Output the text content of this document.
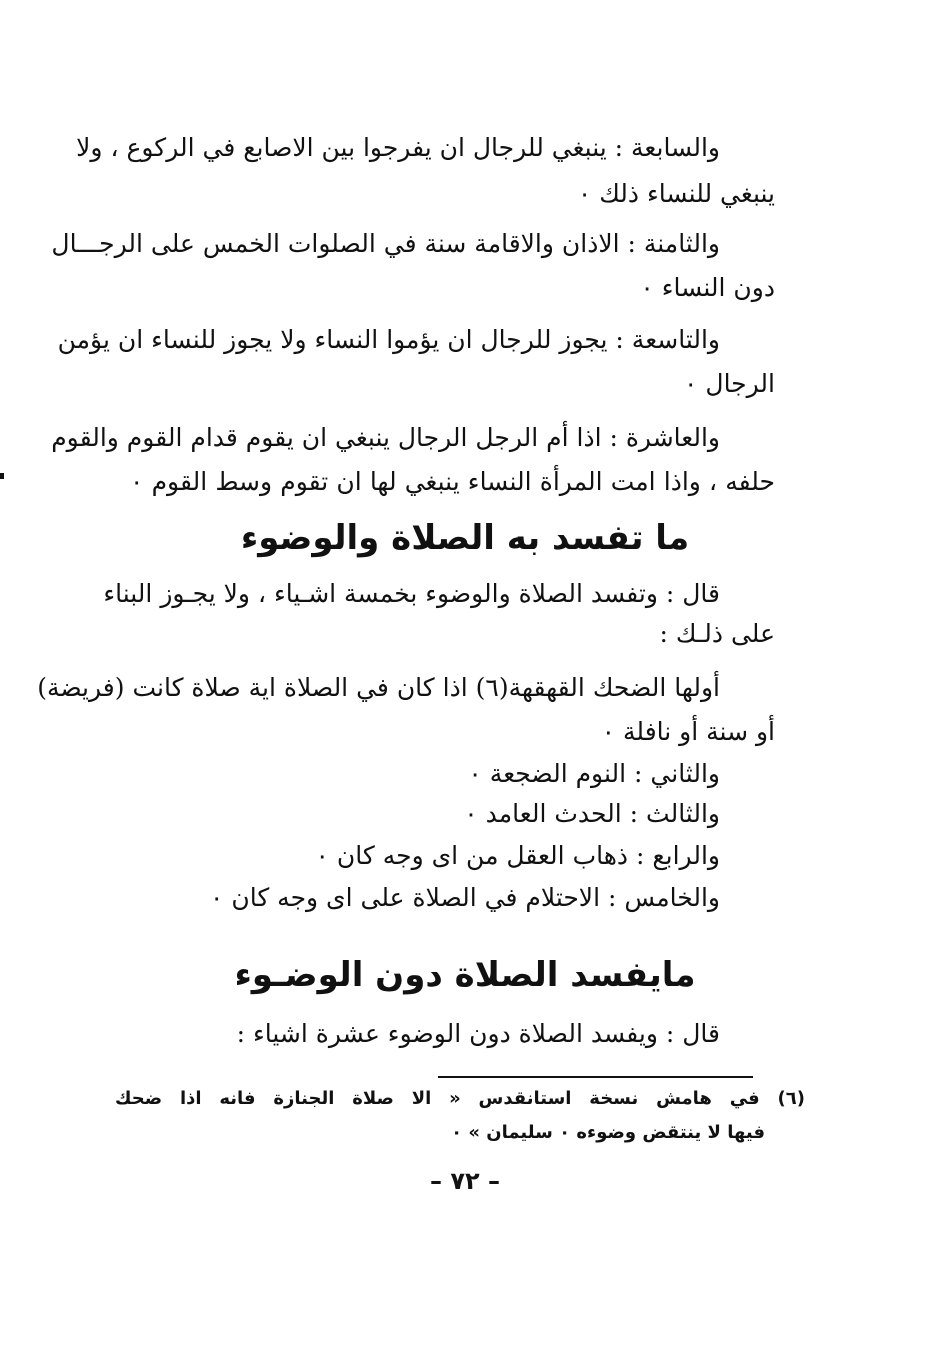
والسابعة : ينبغي للرجال ان يفرجوا بين الاصابع في الركوع ، ولا
ينبغي للنساء ذلك ٠
والثامنة : الاذان والاقامة سنة في الصلوات الخمس على الرجـــال
دون النساء ٠
والتاسعة : يجوز للرجال ان يؤموا النساء ولا يجوز للنساء ان يؤمن
الرجال ٠
والعاشرة : اذا أم الرجل الرجال ينبغي ان يقوم قدام القوم والقوم
حلفه ، واذا امت المرأة النساء ينبغي لها ان تقوم وسط القوم ٠
ما تفسد به الصلاة والوضوء
قال : وتفسد الصلاة والوضوء بخمسة اشـياء ، ولا يجـوز البناء
على ذلـك :
أولها الضحك القهقهة(٦) اذا كان في الصلاة اية صلاة كانت (فريضة)
أو سنة أو نافلة ٠
والثاني : النوم الضجعة ٠
والثالث : الحدث العامد ٠
والرابع : ذهاب العقل من اى وجه كان ٠
والخامس : الاحتلام في الصلاة على اى وجه كان ٠
مايفسد الصلاة دون الوضـوء
قال : ويفسد الصلاة دون الوضوء عشرة اشياء :
(٦) في هامش نسخة استانقدس « الا صلاة الجنازة فانه اذا ضحك
فيها لا ينتقض وضوءه ٠ سليمان » ٠
– ٧٢ –
